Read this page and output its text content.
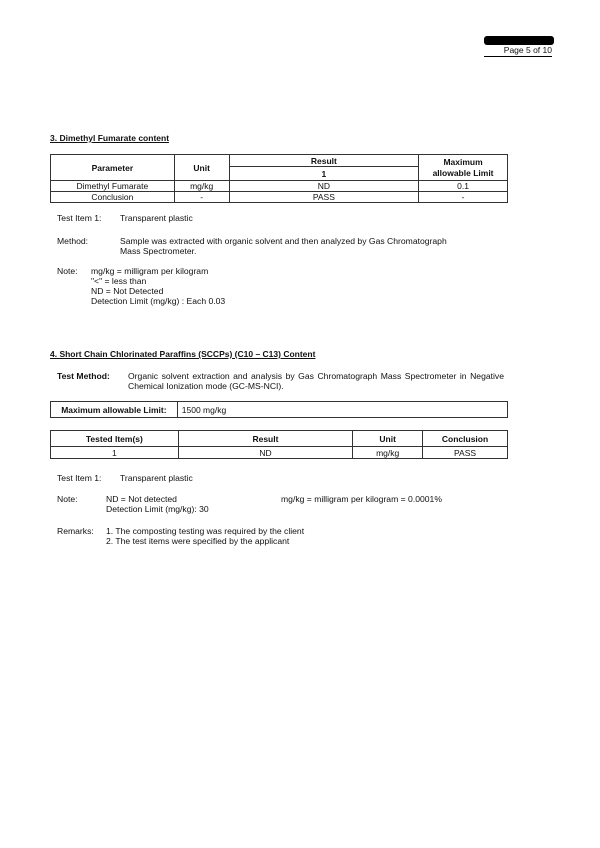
Page 5 of 10
3. Dimethyl Fumarate content
Parameter	Unit	Result	Maximum
allowable Limit
		1	
Dimethyl Fumarate	mg/kg	ND	0.1
Conclusion	-	PASS	-
Test Item 1: Transparent plastic
Method:	Sample was extracted with organic solvent and then analyzed by Gas Chromatograph
Mass Spectrometer.
Note: mg/kg = milligram per kilogram
"<" = less than
ND = Not Detected
Detection Limit (mg/kg) : Each 0.03
4. Short Chain Chlorinated Paraffins (SCCPs) (C10 – C13) Content
Test Method: Organic solvent extraction and analysis by Gas Chromatograph Mass Spectrometer in Negative
Chemical Ionization mode (GC-MS-NCI).
Maximum allowable Limit:	1500 mg/kg
Tested Item(s)	Result	Unit	Conclusion
1	ND	mg/kg	PASS
Test Item 1: Transparent plastic
Note:	ND = Not detected
Detection Limit (mg/kg): 30
mg/kg = milligram per kilogram = 0.0001%
Remarks: 1. The composting testing was required by the client
2. The test items were specified by the applicant
